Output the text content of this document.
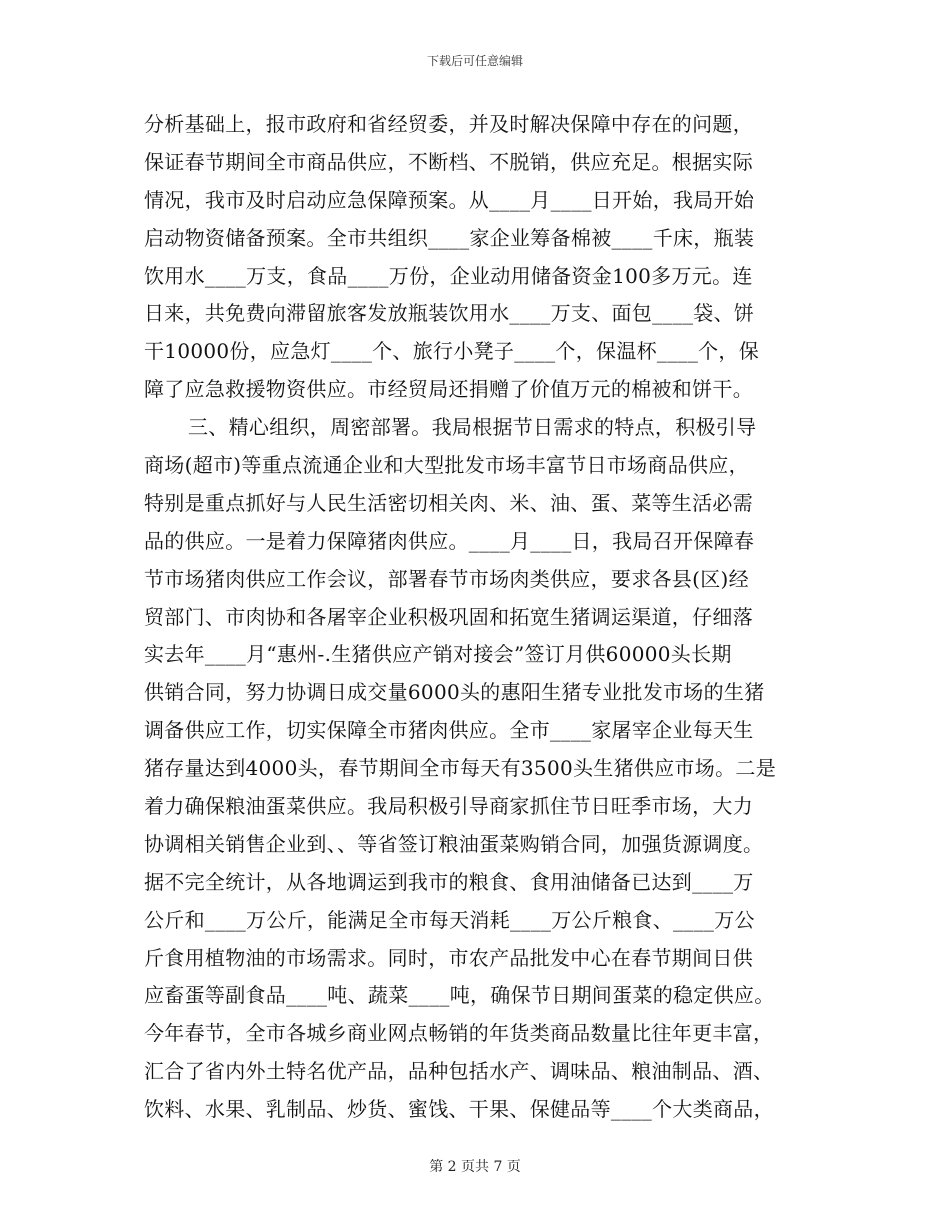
下载后可任意编辑
分析基础上，报市政府和省经贸委，并及时解决保障中存在的问题，
保证春节期间全市商品供应，不断档、不脱销，供应充足。根据实际
情况，我市及时启动应急保障预案。从____月____日开始，我局开始
启动物资储备预案。全市共组织____家企业筹备棉被____千床，瓶装
饮用水____万支，食品____万份，企业动用储备资金100多万元。连
日来，共免费向滞留旅客发放瓶装饮用水____万支、面包____袋、饼
干10000份，应急灯____个、旅行小凳子____个，保温杯____个，保
障了应急救援物资供应。市经贸局还捐赠了价值万元的棉被和饼干。
三、精心组织，周密部署。我局根据节日需求的特点，积极引导
商场(超市)等重点流通企业和大型批发市场丰富节日市场商品供应，
特别是重点抓好与人民生活密切相关肉、米、油、蛋、菜等生活必需
品的供应。一是着力保障猪肉供应。____月____日，我局召开保障春
节市场猪肉供应工作会议，部署春节市场肉类供应，要求各县(区)经
贸部门、市肉协和各屠宰企业积极巩固和拓宽生猪调运渠道，仔细落
实去年____月“惠州-.生猪供应产销对接会”签订月供60000头长期
供销合同，努力协调日成交量6000头的惠阳生猪专业批发市场的生猪
调备供应工作，切实保障全市猪肉供应。全市____家屠宰企业每天生
猪存量达到4000头，春节期间全市每天有3500头生猪供应市场。二是
着力确保粮油蛋菜供应。我局积极引导商家抓住节日旺季市场，大力
协调相关销售企业到、、等省签订粮油蛋菜购销合同，加强货源调度。
据不完全统计，从各地调运到我市的粮食、食用油储备已达到____万
公斤和____万公斤，能满足全市每天消耗____万公斤粮食、____万公
斤食用植物油的市场需求。同时，市农产品批发中心在春节期间日供
应畜蛋等副食品____吨、蔬菜____吨，确保节日期间蛋菜的稳定供应。
今年春节，全市各城乡商业网点畅销的年货类商品数量比往年更丰富，
汇合了省内外土特名优产品，品种包括水产、调味品、粮油制品、酒、
饮料、水果、乳制品、炒货、蜜饯、干果、保健品等____个大类商品，
第 2 页共 7 页
